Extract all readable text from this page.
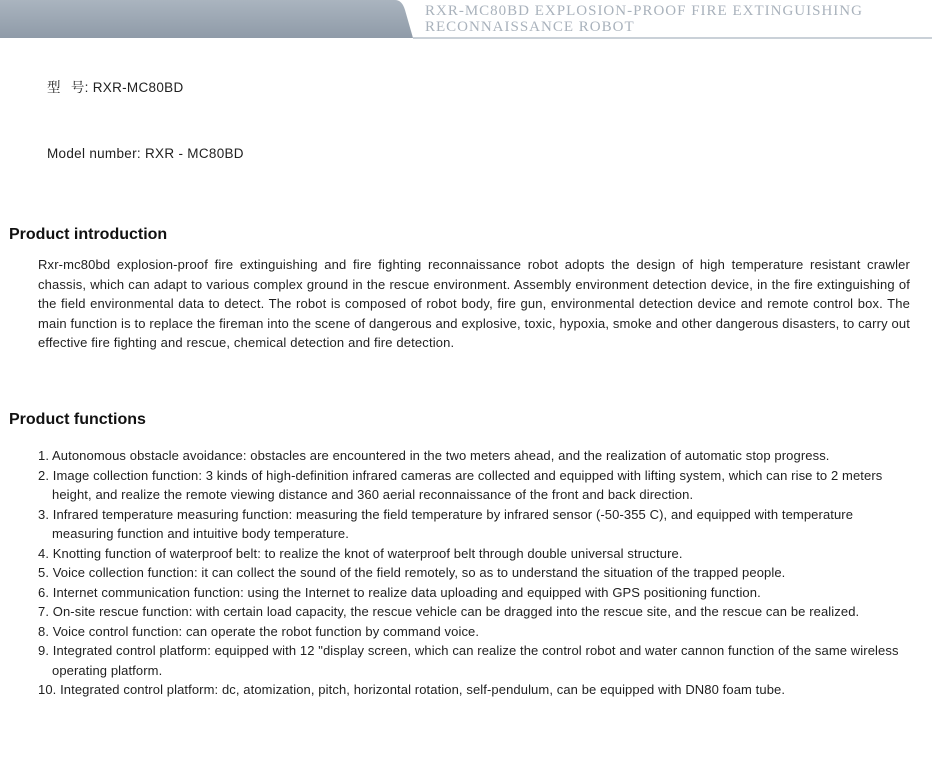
RXR-MC80BD EXPLOSION-PROOF FIRE EXTINGUISHING RECONNAISSANCE ROBOT

型 号: RXR-MC80BD

Model number: RXR - MC80BD

Product introduction

Rxr-mc80bd explosion-proof fire extinguishing and fire fighting reconnaissance robot adopts the design of high temperature resistant crawler chassis, which can adapt to various complex ground in the rescue environment. Assembly environment detection device, in the fire extinguishing of the field environmental data to detect. The robot is composed of robot body, fire gun, environmental detection device and remote control box. The main function is to replace the fireman into the scene of dangerous and explosive, toxic, hypoxia, smoke and other dangerous disasters, to carry out effective fire fighting and rescue, chemical detection and fire detection.

Product functions
1. Autonomous obstacle avoidance: obstacles are encountered in the two meters ahead, and the realization of automatic stop progress.
2. Image collection function: 3 kinds of high-definition infrared cameras are collected and equipped with lifting system, which can rise to 2 meters height, and realize the remote viewing distance and 360 aerial reconnaissance of the front and back direction.
3. Infrared temperature measuring function: measuring the field temperature by infrared sensor (-50-355 C), and equipped with temperature measuring function and intuitive body temperature.
4. Knotting function of waterproof belt: to realize the knot of waterproof belt through double universal structure.
5. Voice collection function: it can collect the sound of the field remotely, so as to understand the situation of the trapped people.
6. Internet communication function: using the Internet to realize data uploading and equipped with GPS positioning function.
7. On-site rescue function: with certain load capacity, the rescue vehicle can be dragged into the rescue site, and the rescue can be realized.
8. Voice control function: can operate the robot function by command voice.
9. Integrated control platform: equipped with 12 "display screen, which can realize the control robot and water cannon function of the same wireless operating platform.
10. Integrated control platform: dc, atomization, pitch, horizontal rotation, self-pendulum, can be equipped with DN80 foam tube.
